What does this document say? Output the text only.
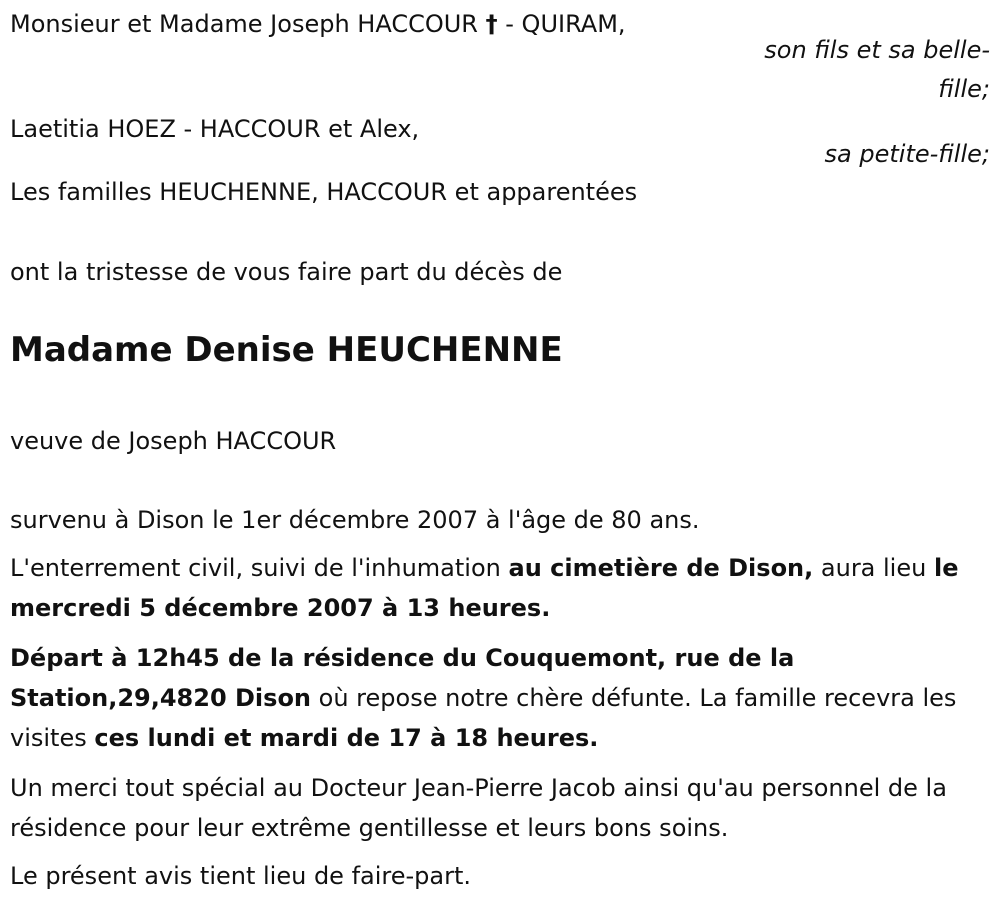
Monsieur et Madame Joseph HACCOUR † - QUIRAM,
son fils et sa belle-
fille;
Laetitia HOEZ - HACCOUR et Alex,
sa petite-fille;
Les familles HEUCHENNE, HACCOUR et apparentées
ont la tristesse de vous faire part du décès de
Madame Denise HEUCHENNE
veuve de Joseph HACCOUR
survenu à Dison le 1er décembre 2007 à l'âge de 80 ans.
L'enterrement civil, suivi de l'inhumation au cimetière de Dison, aura lieu le mercredi 5 décembre 2007 à 13 heures.
Départ à 12h45 de la résidence du Couquemont, rue de la Station,29,4820 Dison où repose notre chère défunte. La famille recevra les visites ces lundi et mardi de 17 à 18 heures.
Un merci tout spécial au Docteur Jean-Pierre Jacob ainsi qu'au personnel de la résidence pour leur extrême gentillesse et leurs bons soins.
Le présent avis tient lieu de faire-part.
